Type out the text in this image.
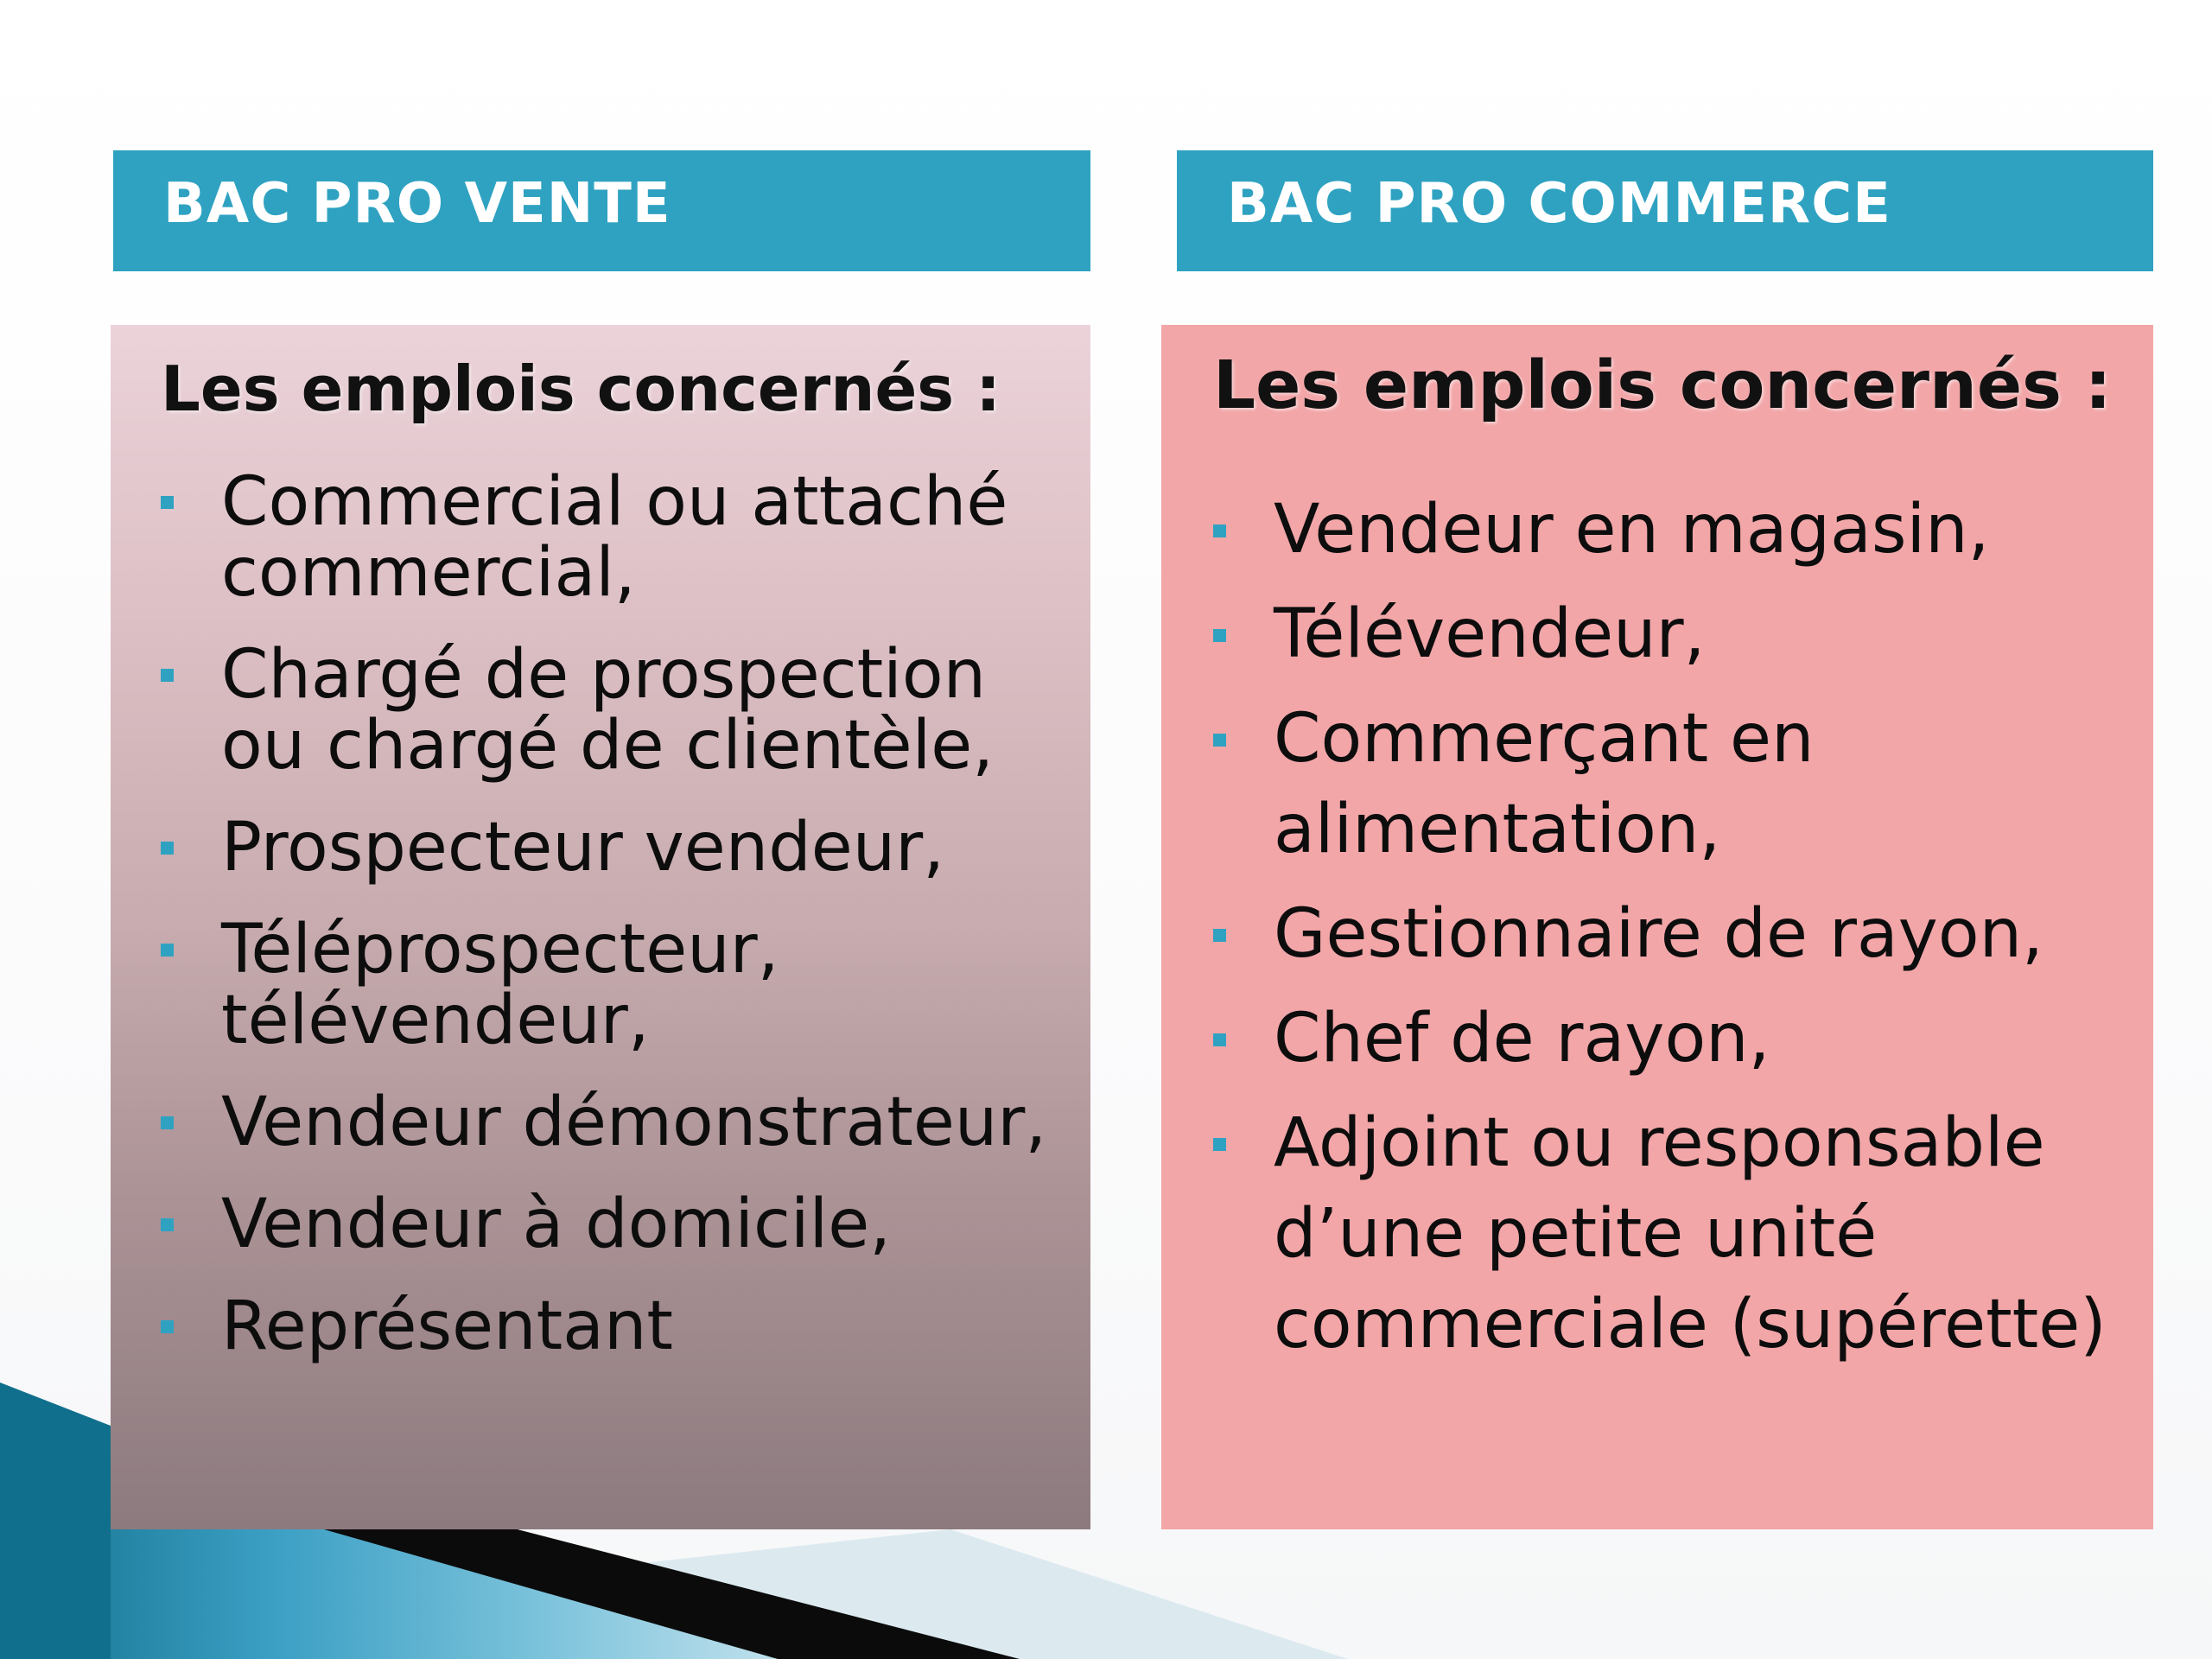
BAC PRO VENTE	BAC PRO COMMERCE

Les emplois concernés :

Commercial ou attaché commercial,
Chargé de prospection ou chargé de clientèle,
Prospecteur vendeur,
Téléprospecteur, télévendeur,
Vendeur démonstrateur,
Vendeur à domicile,
Représentant

Les emplois concernés :

Vendeur en magasin,
Télévendeur,
Commerçant en alimentation,
Gestionnaire de rayon,
Chef de rayon,
Adjoint ou responsable d’une petite unité commerciale (supérette)
